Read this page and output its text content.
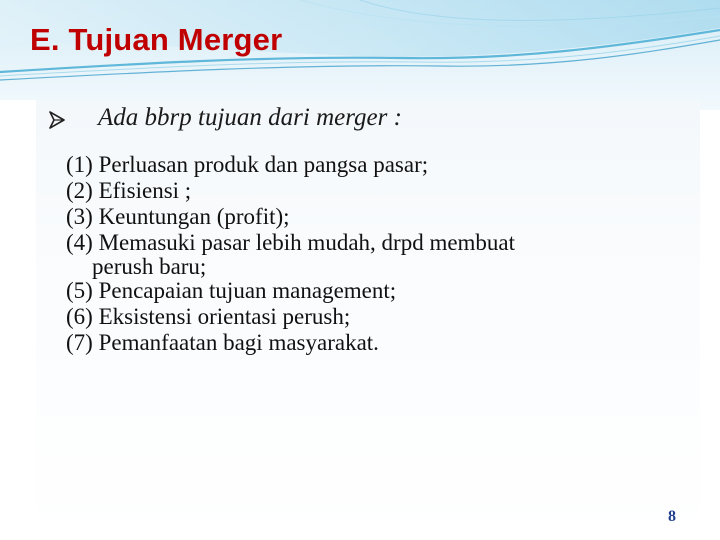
E. Tujuan Merger
Ada bbrp tujuan dari merger :
(1) Perluasan produk dan pangsa pasar;
(2) Efisiensi ;
(3) Keuntungan (profit);
(4) Memasuki pasar lebih mudah, drpd membuat
perush baru;
(5) Pencapaian tujuan management;
(6) Eksistensi orientasi perush;
(7) Pemanfaatan bagi masyarakat.
8
